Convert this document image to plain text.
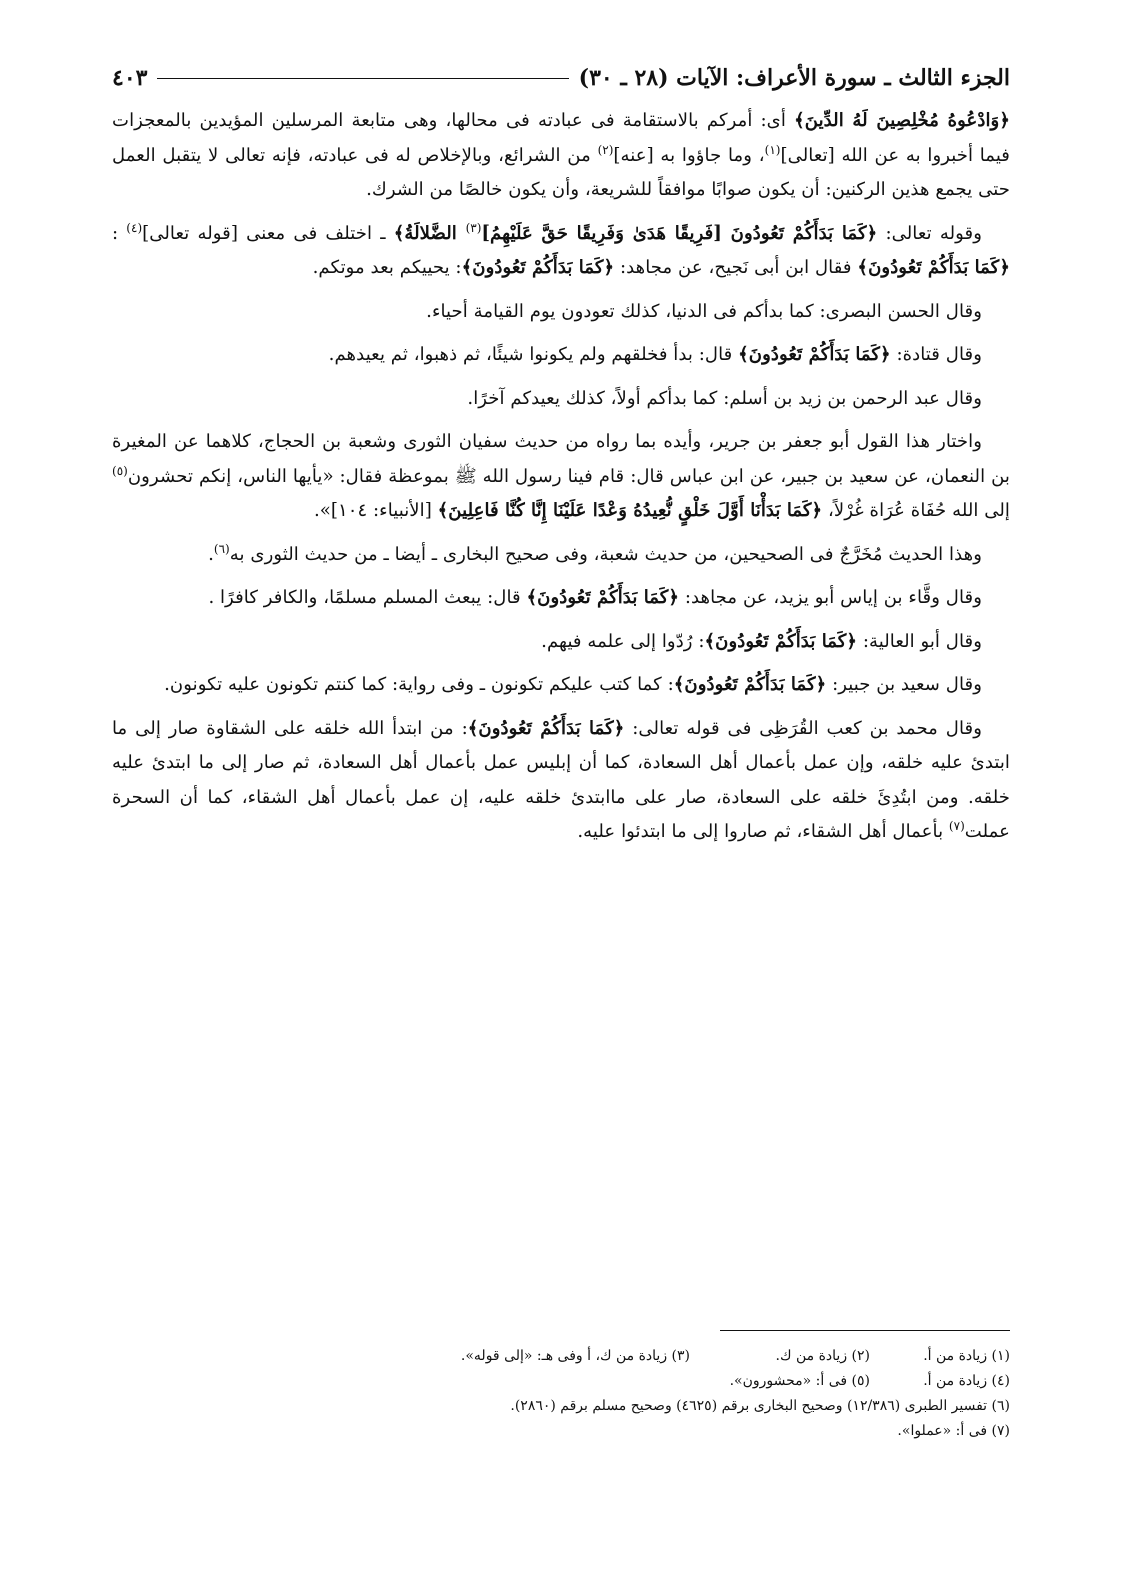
الجزء الثالث ـ سورة الأعراف: الآيات (٢٨ ـ ٣٠)
٤٠٣

﴿وَادْعُوهُ مُخْلِصِينَ لَهُ الدِّينَ﴾ أى: أمركم بالاستقامة فى عبادته فى محالها، وهى متابعة المرسلين المؤيدين بالمعجزات فيما أخبروا به عن الله [تعالى]$^{(١)}$، وما جاؤوا به [عنه]$^{(٢)}$ من الشرائع، وبالإخلاص له فى عبادته، فإنه تعالى لا يتقبل العمل حتى يجمع هذين الركنين: أن يكون صوابًا موافقاً للشريعة، وأن يكون خالصًا من الشرك.

وقوله تعالى: ﴿كَمَا بَدَأَكُمْ تَعُودُونَ [فَرِيقًا هَدَىٰ وَفَرِيقًا حَقَّ عَلَيْهِمُ]$^{(٣)}$ الضَّلالَةُ﴾ ـ اختلف فى معنى [قوله تعالى]$^{(٤)}$ : ﴿كَمَا بَدَأَكُمْ تَعُودُونَ﴾ فقال ابن أبى نَجيح، عن مجاهد: ﴿كَمَا بَدَأَكُمْ تَعُودُونَ﴾: يحييكم بعد موتكم.

وقال الحسن البصرى: كما بدأكم فى الدنيا، كذلك تعودون يوم القيامة أحياء.

وقال قتادة: ﴿كَمَا بَدَأَكُمْ تَعُودُونَ﴾ قال: بدأ فخلقهم ولم يكونوا شيئًا، ثم ذهبوا، ثم يعيدهم.

وقال عبد الرحمن بن زيد بن أسلم: كما بدأكم أولاً، كذلك يعيدكم آخرًا.

واختار هذا القول أبو جعفر بن جرير، وأيده بما رواه من حديث سفيان الثورى وشعبة بن الحجاج، كلاهما عن المغيرة بن النعمان، عن سعيد بن جبير، عن ابن عباس قال: قام فينا رسول الله ﷺ بموعظة فقال: «يأيها الناس، إنكم تحشرون$^{(٥)}$ إلى الله حُفَاة عُرَاة غُرْلاً، ﴿كَمَا بَدَأْنَا أَوَّلَ خَلْقٍ نُّعِيدُهُ وَعْدًا عَلَيْنَا إِنَّا كُنَّا فَاعِلِينَ﴾ [الأنبياء: ١٠٤]».

وهذا الحديث مُخَرَّجٌ فى الصحيحين، من حديث شعبة، وفى صحيح البخارى ـ أيضا ـ من حديث الثورى به$^{(٦)}$.

وقال وقَّاء بن إياس أبو يزيد، عن مجاهد: ﴿كَمَا بَدَأَكُمْ تَعُودُونَ﴾ قال: يبعث المسلم مسلمًا، والكافر كافرًا .

وقال أبو العالية: ﴿كَمَا بَدَأَكُمْ تَعُودُونَ﴾: رُدّوا إلى علمه فيهم.

وقال سعيد بن جبير: ﴿كَمَا بَدَأَكُمْ تَعُودُونَ﴾: كما كتب عليكم تكونون ـ وفى رواية: كما كنتم تكونون عليه تكونون.

وقال محمد بن كعب القُرَظِى فى قوله تعالى: ﴿كَمَا بَدَأَكُمْ تَعُودُونَ﴾: من ابتدأ الله خلقه على الشقاوة صار إلى ما ابتدئ عليه خلقه، وإن عمل بأعمال أهل السعادة، كما أن إبليس عمل بأعمال أهل السعادة، ثم صار إلى ما ابتدئ عليه خلقه. ومن ابتُدِئَ خلقه على السعادة، صار على ماابتدئ خلقه عليه، إن عمل بأعمال أهل الشقاء، كما أن السحرة عملت$^{(٧)}$ بأعمال أهل الشقاء، ثم صاروا إلى ما ابتدئوا عليه.

(١) زيادة من أ.
(٢) زيادة من ك.
(٣) زيادة من ك، أ وفى هـ: «إلى قوله».
(٤) زيادة من أ.
(٥) فى أ: «محشورون».
(٦) تفسير الطبرى (١٢/٣٨٦) وصحيح البخارى برقم (٤٦٢٥) وصحيح مسلم برقم (٢٨٦٠).
(٧) فى أ: «عملوا».
